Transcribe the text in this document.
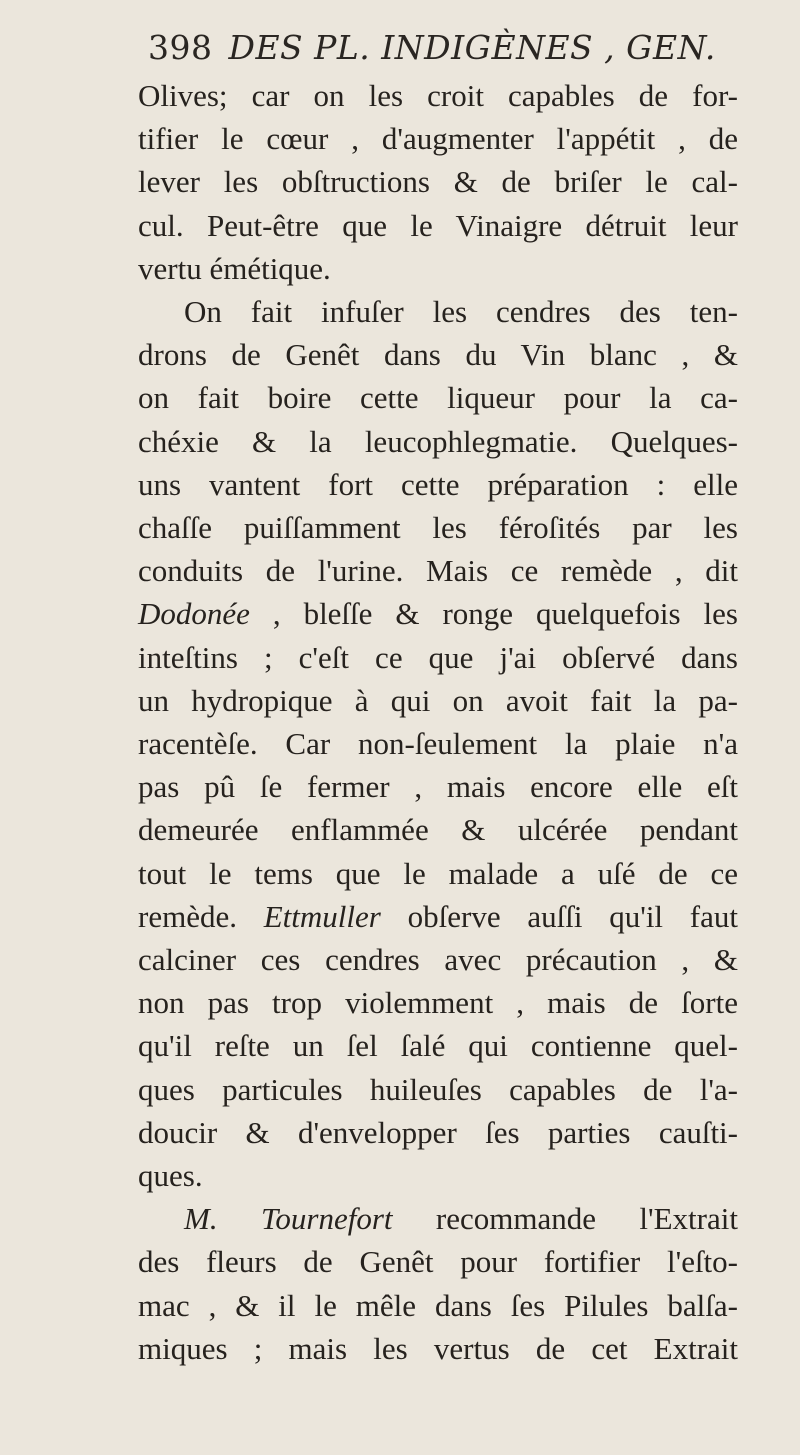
398 DES PL. INDIGÈNES , GEN.
Olives; car on les croit capables de for-
tifier le cœur , d'augmenter l'appétit , de
lever les obſtructions & de briſer le cal-
cul. Peut-être que le Vinaigre détruit leur
vertu émétique.
On fait infuſer les cendres des ten-
drons de Genêt dans du Vin blanc , &
on fait boire cette liqueur pour la ca-
chéxie & la leucophlegmatie. Quelques-
uns vantent fort cette préparation : elle
chaſſe puiſſamment les féroſités par les
conduits de l'urine. Mais ce remède , dit
Dodonée , bleſſe & ronge quelquefois les
inteſtins ; c'eſt ce que j'ai obſervé dans
un hydropique à qui on avoit fait la pa-
racentèſe. Car non-ſeulement la plaie n'a
pas pû ſe fermer , mais encore elle eſt
demeurée enflammée & ulcérée pendant
tout le tems que le malade a uſé de ce
remède. Ettmuller obſerve auſſi qu'il faut
calciner ces cendres avec précaution , &
non pas trop violemment , mais de ſorte
qu'il reſte un ſel ſalé qui contienne quel-
ques particules huileuſes capables de l'a-
doucir & d'envelopper ſes parties cauſti-
ques.
M. Tournefort recommande l'Extrait
des fleurs de Genêt pour fortifier l'eſto-
mac , & il le mêle dans ſes Pilules balſa-
miques ; mais les vertus de cet Extrait
